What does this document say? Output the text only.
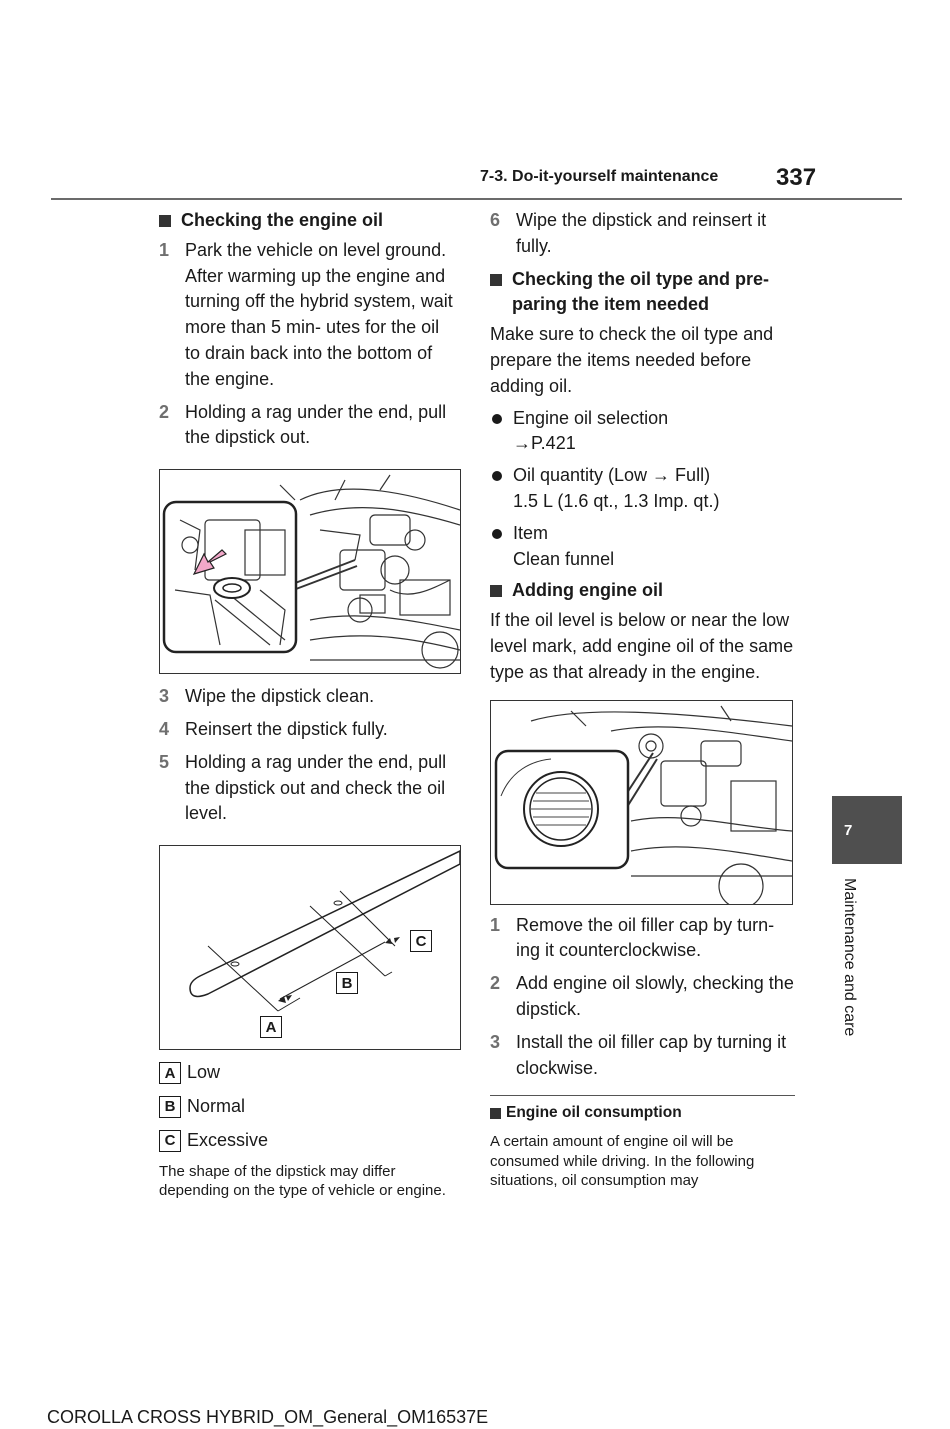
7-3. Do-it-yourself maintenance 337
Checking the engine oil
1 Park the vehicle on level ground. After warming up the engine and turning off the hybrid system, wait more than 5 min- utes for the oil to drain back into the bottom of the engine.
2 Holding a rag under the end, pull the dipstick out.
3 Wipe the dipstick clean.
4 Reinsert the dipstick fully.
5 Holding a rag under the end, pull the dipstick out and check the oil level.
C
B
A
A Low
B Normal
C Excessive
The shape of the dipstick may differ depending on the type of vehicle or engine.
6 Wipe the dipstick and reinsert it fully.
Checking the oil type and pre- paring the item needed
Make sure to check the oil type and prepare the items needed before adding oil.
Engine oil selection
→P.421
Oil quantity (Low → Full)
1.5 L (1.6 qt., 1.3 Imp. qt.)
Item
Clean funnel
Adding engine oil
If the oil level is below or near the low level mark, add engine oil of the same type as that already in the engine.
1 Remove the oil filler cap by turn- ing it counterclockwise.
2 Add engine oil slowly, checking the dipstick.
3 Install the oil filler cap by turning it clockwise.
Engine oil consumption
A certain amount of engine oil will be consumed while driving. In the following situations, oil consumption may
7
Maintenance and care
COROLLA CROSS HYBRID_OM_General_OM16537E
